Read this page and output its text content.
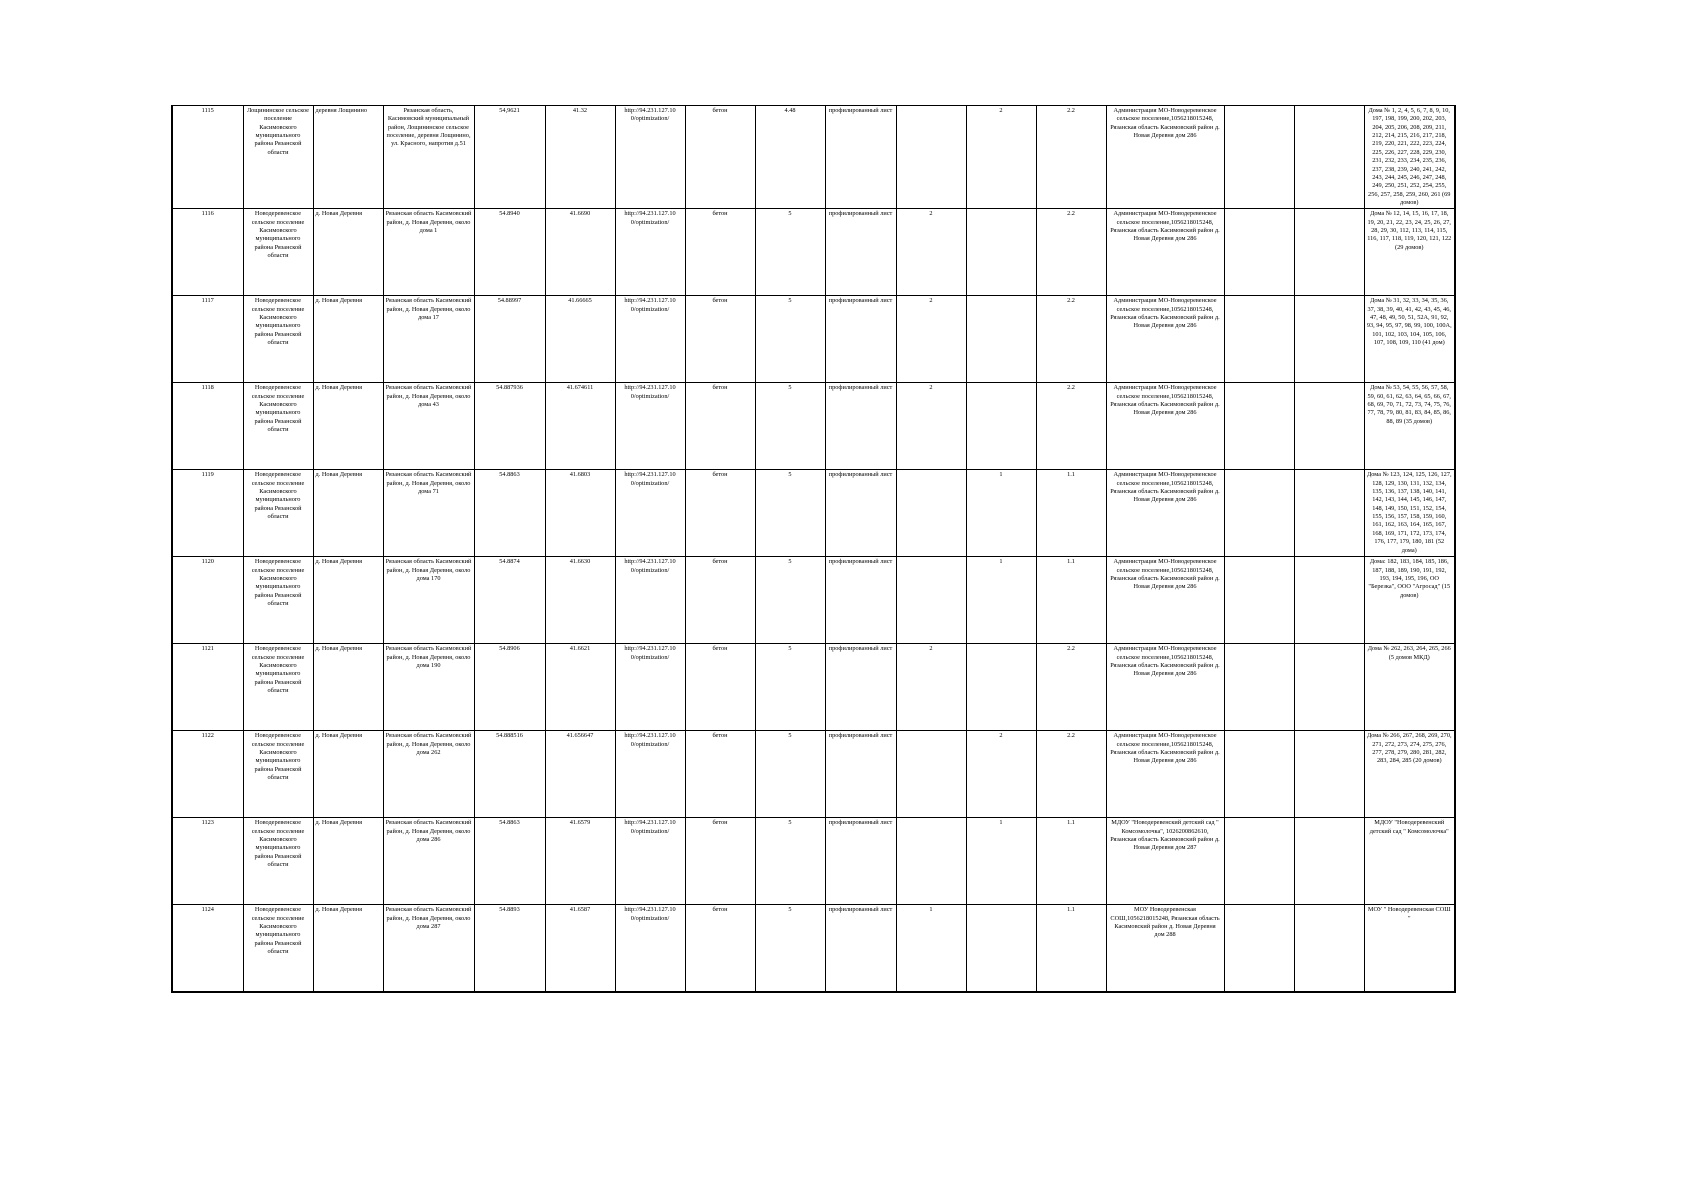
1115	Лощининское сельское поселение Касимовского муниципального района Рязанской области	деревня Лощинино	Рязанская область, Касимовский муниципальный район, Лощининское сельское поселение, деревня Лощинино, ул. Красного, напротив д.51	54,9621	41.32	http://94.231.127.10 0/optimization/	бетон	4.48	профилированный лист		2	2.2	Администрация МО-Новодеревенское сельское поселение,1056218015248, Рязанская область Касимовский район д. Новая Деревня дом 286			Дома № 1, 2, 4, 5, 6, 7, 8, 9, 10, 197, 198, 199, 200, 202, 203, 204, 205, 206, 208, 209, 211, 212, 214, 215, 216, 217, 218, 219, 220, 221, 222, 223, 224, 225, 226, 227, 228, 229, 230, 231, 232, 233, 234, 235, 236, 237, 238, 239, 240, 241, 242, 243, 244, 245, 246, 247, 248, 249, 250, 251, 252, 254, 255, 256, 257, 258, 259, 260, 261 (69 домов)
1116	Новодеревенское сельское поселение Касимовского муниципального района Рязанской области	д. Новая Деревня	Рязанская область Касимовский район, д. Новая Деревня, около дома 1	54.8940	41.6690	http://94.231.127.10 0/optimization/	бетон	5	профилированный лист	2		2.2	Администрация МО-Новодеревенское сельское поселение,1056218015248, Рязанская область Касимовский район д. Новая Деревня дом 286			Дома № 12, 14, 15, 16, 17, 18, 19, 20, 21, 22, 23, 24, 25, 26, 27, 28, 29, 30, 112, 113, 114, 115, 116, 117, 118, 119, 120, 121, 122 (29 домов)
1117	Новодеревенское сельское поселение Касимовского муниципального района Рязанской области	д. Новая Деревня	Рязанская область Касимовский район, д. Новая Деревня, около дома 17	54.88997	41.66665	http://94.231.127.10 0/optimization/	бетон	5	профилированный лист	2		2.2	Администрация МО-Новодеревенское сельское поселение,1056218015248, Рязанская область Касимовский район д. Новая Деревня дом 286			Дома № 31, 32, 33, 34, 35, 36, 37, 38, 39, 40, 41, 42, 43, 45, 46, 47, 48, 49, 50, 51, 52А, 91, 92, 93, 94, 95, 97, 98, 99, 100, 100А, 101, 102, 103, 104, 105, 106, 107, 108, 109, 110 (41 дом)
1118	Новодеревенское сельское поселение Касимовского муниципального района Рязанской области	д. Новая Деревня	Рязанская область Касимовский район, д. Новая Деревня, около дома 43	54.887936	41.674611	http://94.231.127.10 0/optimization/	бетон	5	профилированный лист	2		2.2	Администрация МО-Новодеревенское сельское поселение,1056218015248, Рязанская область Касимовский район д. Новая Деревня дом 286			Дома № 53, 54, 55, 56, 57, 58, 59, 60, 61, 62, 63, 64, 65, 66, 67, 68, 69, 70, 71, 72, 73, 74, 75, 76, 77, 78, 79, 80, 81, 83, 84, 85, 86, 88, 89 (35 домов)
1119	Новодеревенское сельское поселение Касимовского муниципального района Рязанской области	д. Новая Деревня	Рязанская область Касимовский район, д. Новая Деревня, около дома 71	54.8863	41.6803	http://94.231.127.10 0/optimization/	бетон	5	профилированный лист		1	1.1	Администрация МО-Новодеревенское сельское поселение,1056218015248, Рязанская область Касимовский район д. Новая Деревня дом 286			Дома № 123, 124, 125, 126, 127, 128, 129, 130, 131, 132, 134, 135, 136, 137, 138, 140, 141, 142, 143, 144, 145, 146, 147, 148, 149, 150, 151, 152, 154, 155, 156, 157, 158, 159, 160, 161, 162, 163, 164, 165, 167, 168, 169, 171, 172, 173, 174, 176, 177, 179, 180, 181 (52 дома)
1120	Новодеревенское сельское поселение Касимовского муниципального района Рязанской области	д. Новая Деревня	Рязанская область Касимовский район, д. Новая Деревня, около дома 170	54.8874	41.6630	http://94.231.127.10 0/optimization/	бетон	5	профилированный лист		1	1.1	Администрация МО-Новодеревенское сельское поселение,1056218015248, Рязанская область Касимовский район д. Новая Деревня дом 286			Дома: 182, 183, 184, 185, 186, 187, 188, 189, 190, 191, 192, 193, 194, 195, 196, ОО "Березка", ООО "Агросад" (15 домов)
1121	Новодеревенское сельское поселение Касимовского муниципального района Рязанской области	д. Новая Деревня	Рязанская область Касимовский район, д. Новая Деревня, около дома 190	54.8906	41.6621	http://94.231.127.10 0/optimization/	бетон	5	профилированный лист	2		2.2	Администрация МО-Новодеревенское сельское поселение,1056218015248, Рязанская область Касимовский район д. Новая Деревня дом 286			Дома № 262, 263, 264, 265, 266 (5 домов МКД)
1122	Новодеревенское сельское поселение Касимовского муниципального района Рязанской области	д. Новая Деревня	Рязанская область Касимовский район, д. Новая Деревня, около дома 262	54.888516	41.656647	http://94.231.127.10 0/optimization/	бетон	5	профилированный лист		2	2.2	Администрация МО-Новодеревенское сельское поселение,1056218015248, Рязанская область Касимовский район д. Новая Деревня дом 286			Дома № 266, 267, 268, 269, 270, 271, 272, 273, 274, 275, 276, 277, 278, 279, 280, 281, 282, 283, 284, 285 (20 домов)
1123	Новодеревенское сельское поселение Касимовского муниципального района Рязанской области	д. Новая Деревня	Рязанская область Касимовский район, д. Новая Деревня, около дома 286	54.8863	41.6579	http://94.231.127.10 0/optimization/	бетон	5	профилированный лист		1	1.1	МДОУ "Новодеревенский детский сад " Комсомолочка", 1026200862610, Рязанская область Касимовский район д. Новая Деревня дом 287			МДОУ "Новодеревенский детский сад " Комсомолочка"
1124	Новодеревенское сельское поселение Касимовского муниципального района Рязанской области	д. Новая Деревня	Рязанская область Касимовский район, д. Новая Деревня, около дома 287	54.8893	41.6587	http://94.231.127.10 0/optimization/	бетон	5	профилированный лист	1		1.1	МОУ Новодеревенская СОШ,1056218015248, Рязанская область Касимовский район д. Новая Деревня дом 288			МОУ " Новодеревенская СОШ "
